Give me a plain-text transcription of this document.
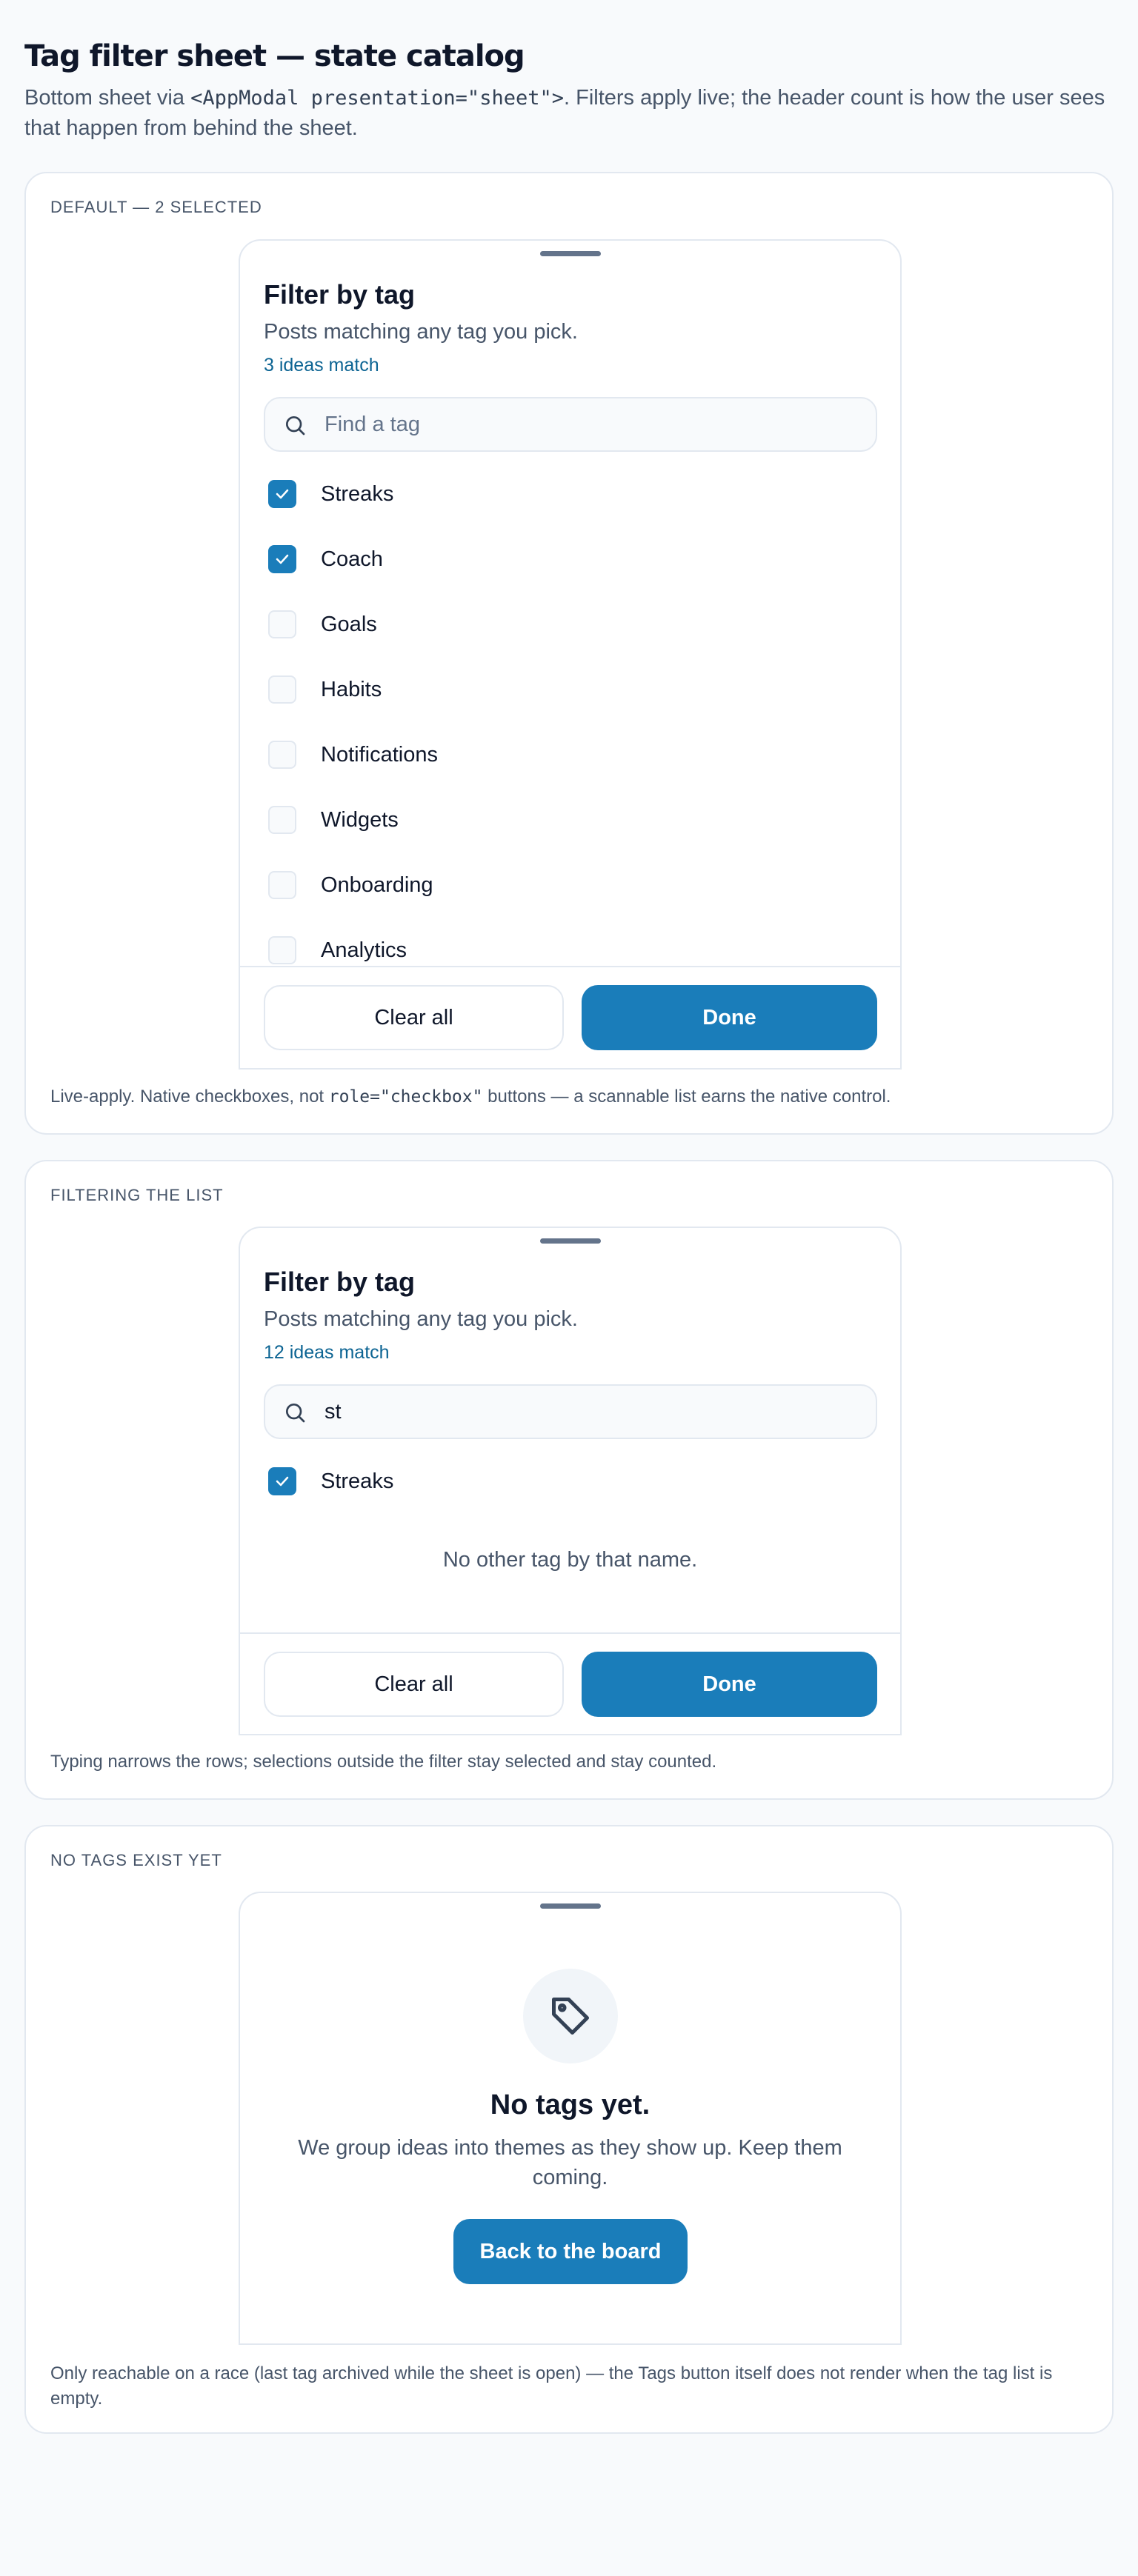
Tag filter sheet — state catalog

Bottom sheet via <AppModal presentation="sheet">. Filters apply live; the header count is how the user sees that happen from behind the sheet.

DEFAULT — 2 SELECTED
Filter by tag
Posts matching any tag you pick.
3 ideas match
Find a tag
Streaks
Coach
Goals
Habits
Notifications
Widgets
Onboarding
Analytics
Clear all	Done

Live-apply. Native checkboxes, not role="checkbox" buttons — a scannable list earns the native control.

FILTERING THE LIST
Filter by tag
Posts matching any tag you pick.
12 ideas match
st
Streaks
No other tag by that name.
Clear all	Done

Typing narrows the rows; selections outside the filter stay selected and stay counted.

NO TAGS EXIST YET
No tags yet.
We group ideas into themes as they show up. Keep them coming.
Back to the board

Only reachable on a race (last tag archived while the sheet is open) — the Tags button itself does not render when the tag list is empty.
